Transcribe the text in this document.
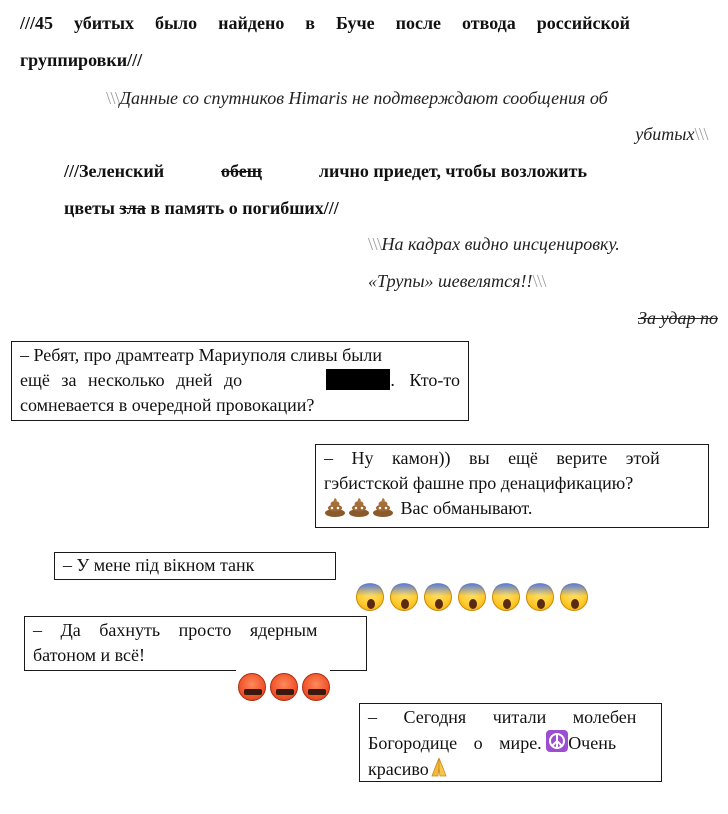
///45 убитых было найдено в Буче после отвода российской
группировки///
\\\Данные со спутников Himaris не подтверждают сообщения об
убитых\\\
///Зеленский	обещ	лично приедет, чтобы возложить
цветы зла в память о погибших///
\\\На кадрах видно инсценировку.
«Трупы» шевелятся!!\\\
За удар по
– Ребят, про драмтеатр Мариуполя сливы были
ещё за несколько дней до	. Кто-то
сомневается в очередной провокации?
– Ну камон)) вы ещё верите этой
гэбистской фашне про денацификацию?
Вас обманывают.
– У мене під вікном танк
– Да бахнуть просто ядерным
батоном и всё!
– Сегодня читали молебен
Богородице о мире. Очень
красиво
